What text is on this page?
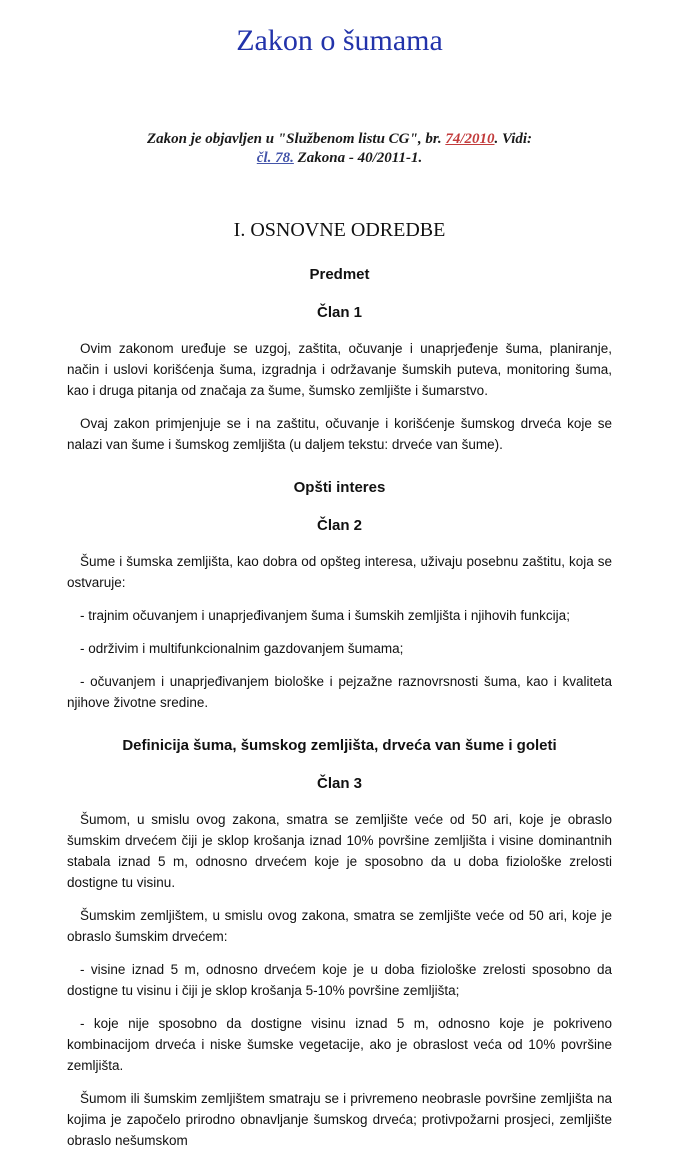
Zakon o šumama
Zakon je objavljen u "Službenom listu CG", br. 74/2010. Vidi:
čl. 78. Zakona - 40/2011-1.
I. OSNOVNE ODREDBE
Predmet
Član 1

Ovim zakonom uređuje se uzgoj, zaštita, očuvanje i unaprjeđenje šuma, planiranje, način i uslovi korišćenja šuma, izgradnja i održavanje šumskih puteva, monitoring šuma, kao i druga pitanja od značaja za šume, šumsko zemljište i šumarstvo.

Ovaj zakon primjenjuje se i na zaštitu, očuvanje i korišćenje šumskog drveća koje se nalazi van šume i šumskog zemljišta (u daljem tekstu: drveće van šume).

Opšti interes
Član 2

Šume i šumska zemljišta, kao dobra od opšteg interesa, uživaju posebnu zaštitu, koja se ostvaruje:

- trajnim očuvanjem i unaprjeđivanjem šuma i šumskih zemljišta i njihovih funkcija;

- održivim i multifunkcionalnim gazdovanjem šumama;

- očuvanjem i unaprjeđivanjem biološke i pejzažne raznovrsnosti šuma, kao i kvaliteta njihove životne sredine.

Definicija šuma, šumskog zemljišta, drveća van šume i goleti
Član 3

Šumom, u smislu ovog zakona, smatra se zemljište veće od 50 ari, koje je obraslo šumskim drvećem čiji je sklop krošanja iznad 10% površine zemljišta i visine dominantnih stabala iznad 5 m, odnosno drvećem koje je sposobno da u doba fiziološke zrelosti dostigne tu visinu.

Šumskim zemljištem, u smislu ovog zakona, smatra se zemljište veće od 50 ari, koje je obraslo šumskim drvećem:

- visine iznad 5 m, odnosno drvećem koje je u doba fiziološke zrelosti sposobno da dostigne tu visinu i čiji je sklop krošanja 5-10% površine zemljišta;

- koje nije sposobno da dostigne visinu iznad 5 m, odnosno koje je pokriveno kombinacijom drveća i niske šumske vegetacije, ako je obraslost veća od 10% površine zemljišta.

Šumom ili šumskim zemljištem smatraju se i privremeno neobrasle površine zemljišta na kojima je započelo prirodno obnavljanje šumskog drveća; protivpožarni prosjeci, zemljište obraslo nešumskom
